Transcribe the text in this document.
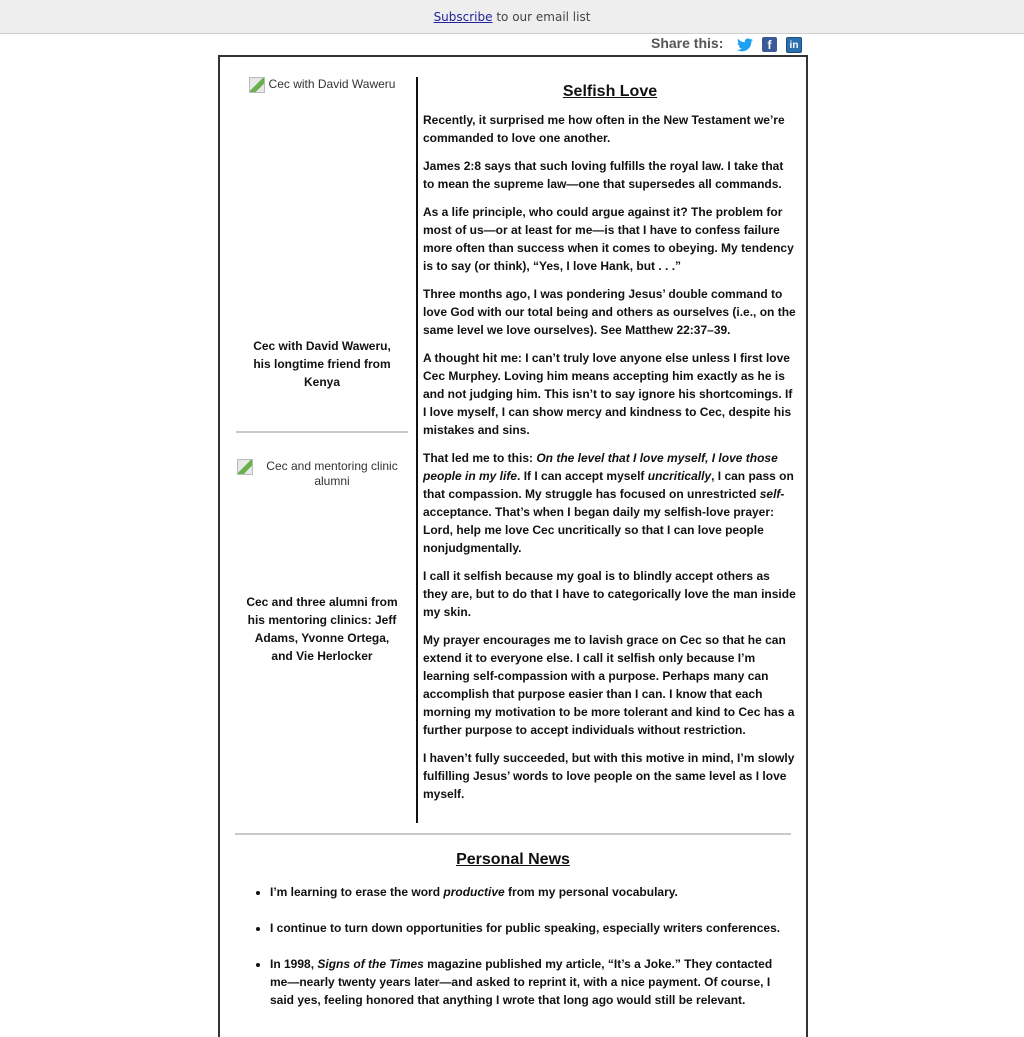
Subscribe to our email list
Share this:	f	in
Cec with David Waweru
Cec with David Waweru, his longtime friend from Kenya
Cec and mentoring clinic alumni
Cec and three alumni from his mentoring clinics: Jeff Adams, Yvonne Ortega, and Vie Herlocker
Selfish Love

Recently, it surprised me how often in the New Testament we’re commanded to love one another.

James 2:8 says that such loving fulfills the royal law. I take that to mean the supreme law—one that supersedes all commands.

As a life principle, who could argue against it? The problem for most of us—or at least for me—is that I have to confess failure more often than success when it comes to obeying. My tendency is to say (or think), “Yes, I love Hank, but . . .”

Three months ago, I was pondering Jesus’ double command to love God with our total being and others as ourselves (i.e., on the same level we love ourselves). See Matthew 22:37–39.

A thought hit me: I can’t truly love anyone else unless I first love Cec Murphey. Loving him means accepting him exactly as he is and not judging him. This isn’t to say ignore his shortcomings. If I love myself, I can show mercy and kindness to Cec, despite his mistakes and sins.

That led me to this: On the level that I love myself, I love those people in my life. If I can accept myself uncritically, I can pass on that compassion. My struggle has focused on unrestricted self-acceptance. That’s when I began daily my selfish-love prayer: Lord, help me love Cec uncritically so that I can love people nonjudgmentally.

I call it selfish because my goal is to blindly accept others as they are, but to do that I have to categorically love the man inside my skin.

My prayer encourages me to lavish grace on Cec so that he can extend it to everyone else. I call it selfish only because I’m learning self-compassion with a purpose. Perhaps many can accomplish that purpose easier than I can. I know that each morning my motivation to be more tolerant and kind to Cec has a further purpose to accept individuals without restriction.

I haven’t fully succeeded, but with this motive in mind, I’m slowly fulfilling Jesus’ words to love people on the same level as I love myself.

Personal News
• I’m learning to erase the word productive from my personal vocabulary.
• I continue to turn down opportunities for public speaking, especially writers conferences.
• In 1998, Signs of the Times magazine published my article, “It’s a Joke.” They contacted me—nearly twenty years later—and asked to reprint it, with a nice payment. Of course, I said yes, feeling honored that anything I wrote that long ago would still be relevant.
